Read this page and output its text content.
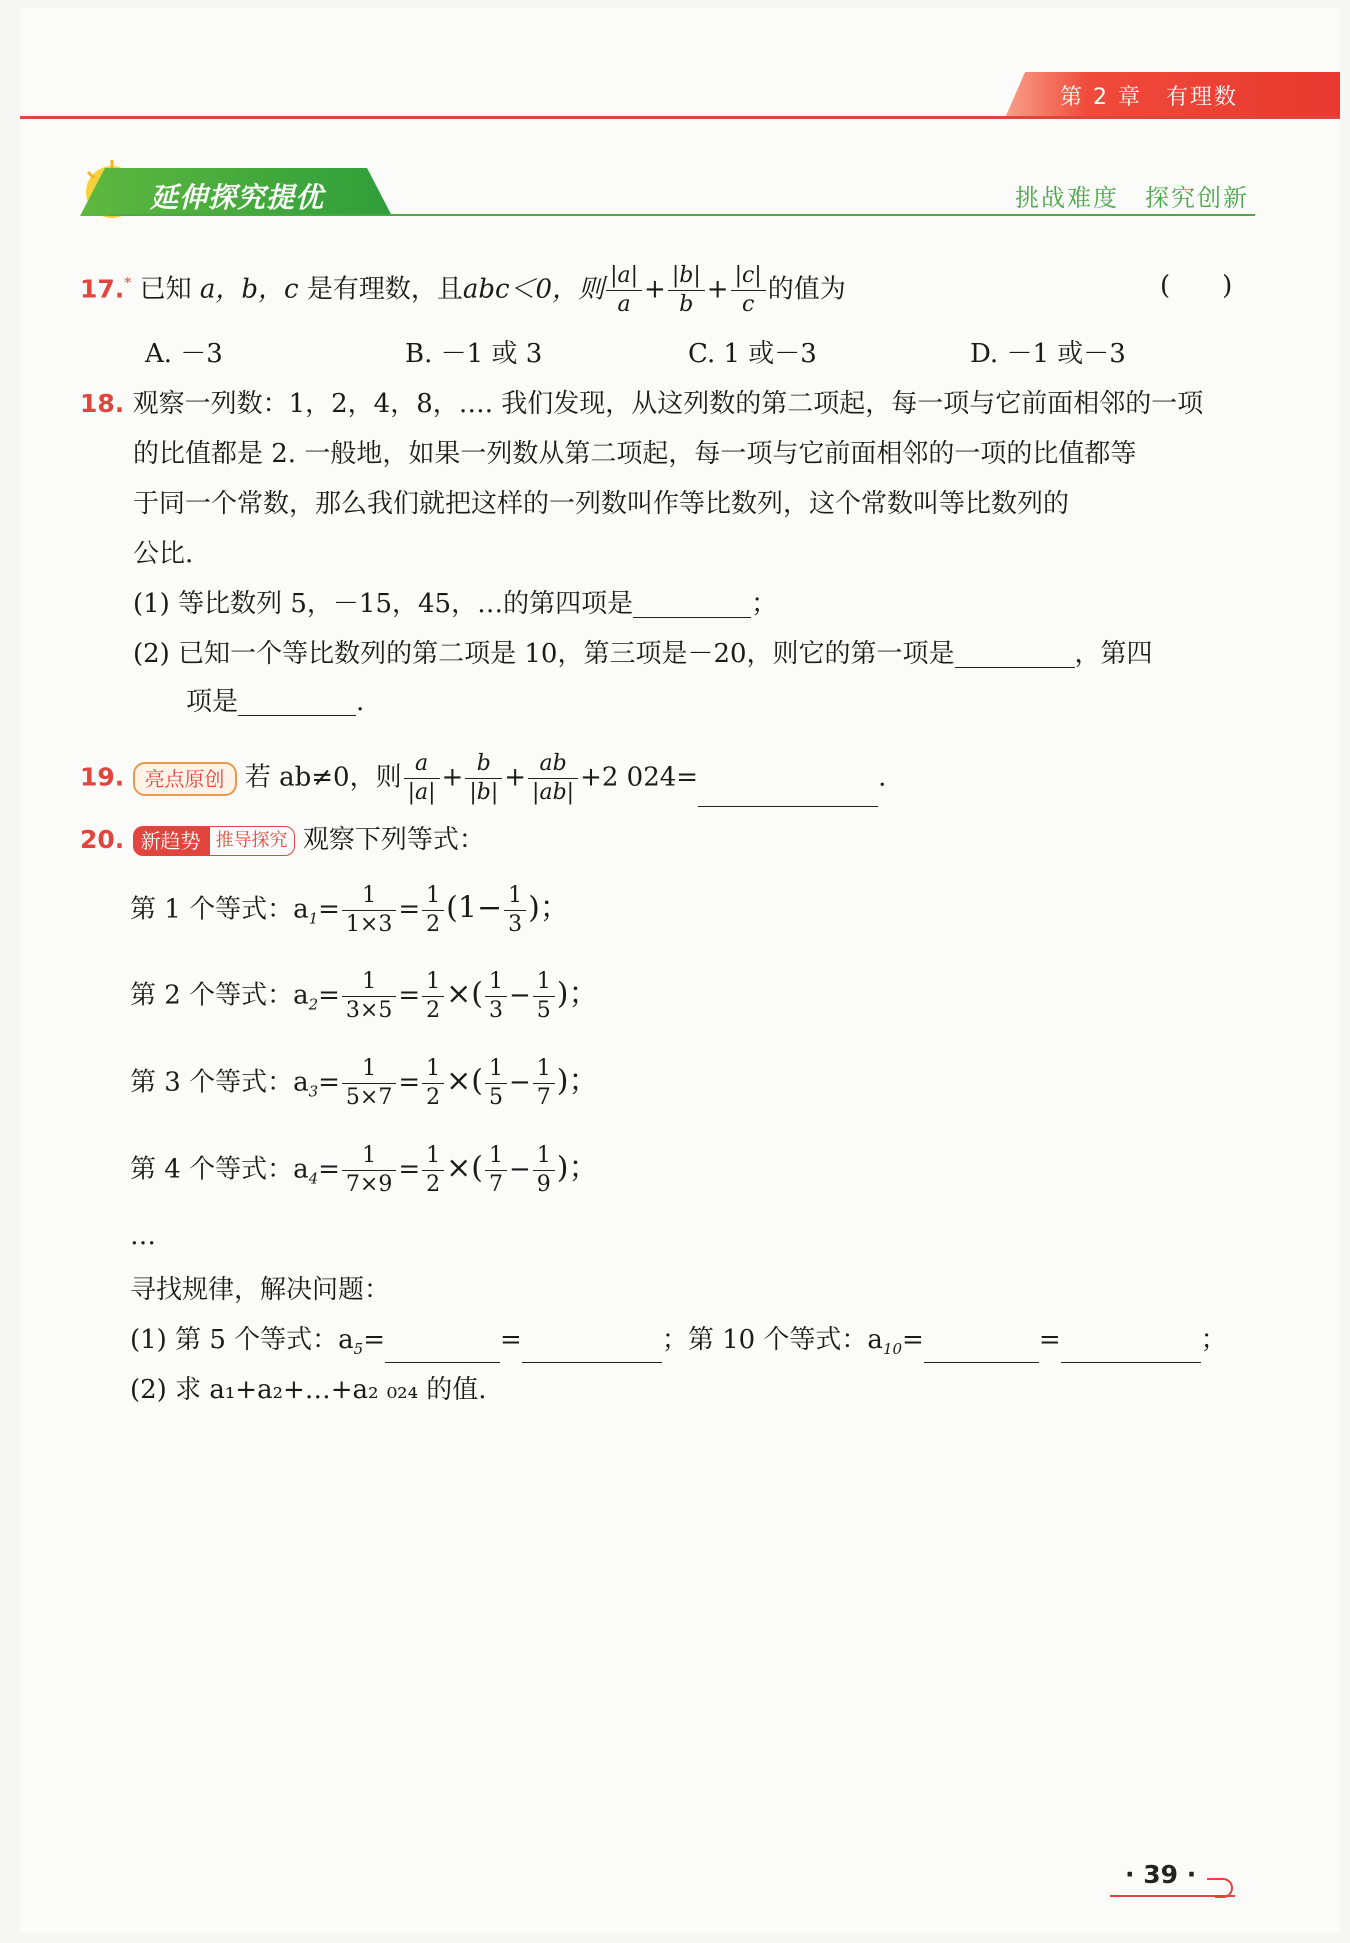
第 2 章　有理数
延伸探究提优	挑战难度　探究创新
17.* 已知 a，b，c 是有理数，且abc＜0，则 $\frac{|a|}{a} + \frac{|b|}{b} + \frac{|c|}{c}$ 的值为	(　　)
A. －3	B. －1 或 3	C. 1 或－3	D. －1 或－3
18. 观察一列数：1，2，4，8，…. 我们发现，从这列数的第二项起，每一项与它前面相邻的一项
的比值都是 2. 一般地，如果一列数从第二项起，每一项与它前面相邻的一项的比值都等
于同一个常数，那么我们就把这样的一列数叫作等比数列，这个常数叫等比数列的
公比.
(1) 等比数列 5，－15，45，…的第四项是	；
(2) 已知一个等比数列的第二项是 10，第三项是－20，则它的第一项是	，第四
项是	.
19. 亮点原创 若 ab≠0，则 $\frac{a}{|a|} + \frac{b}{|b|} + \frac{ab}{|ab|} +2$ 024=	.
20. 新趋势 推导探究 观察下列等式：
第 1 个等式：$a_1= \frac{1}{1\times 3} = \frac{1}{2} (1- \frac{1}{3}$ )；
第 2 个等式：$a_2= \frac{1}{3\times 5} = \frac{1}{2}$ ×( $\frac{1}{3} - \frac{1}{5}$ )；
第 3 个等式：$a_3= \frac{1}{5\times 7} = \frac{1}{2}$ ×( $\frac{1}{5} - \frac{1}{7}$ )；
第 4 个等式：$a_4= \frac{1}{7\times 9} = \frac{1}{2}$ ×( $\frac{1}{7} - \frac{1}{9}$ )；
…
寻找规律，解决问题：
(1) 第 5 个等式：$a_5=$	=	；第 10 个等式：$a_{10}=$	=	；
(2) 求 a₁+a₂+…+a₂ ₀₂₄ 的值.
· 39 ·
